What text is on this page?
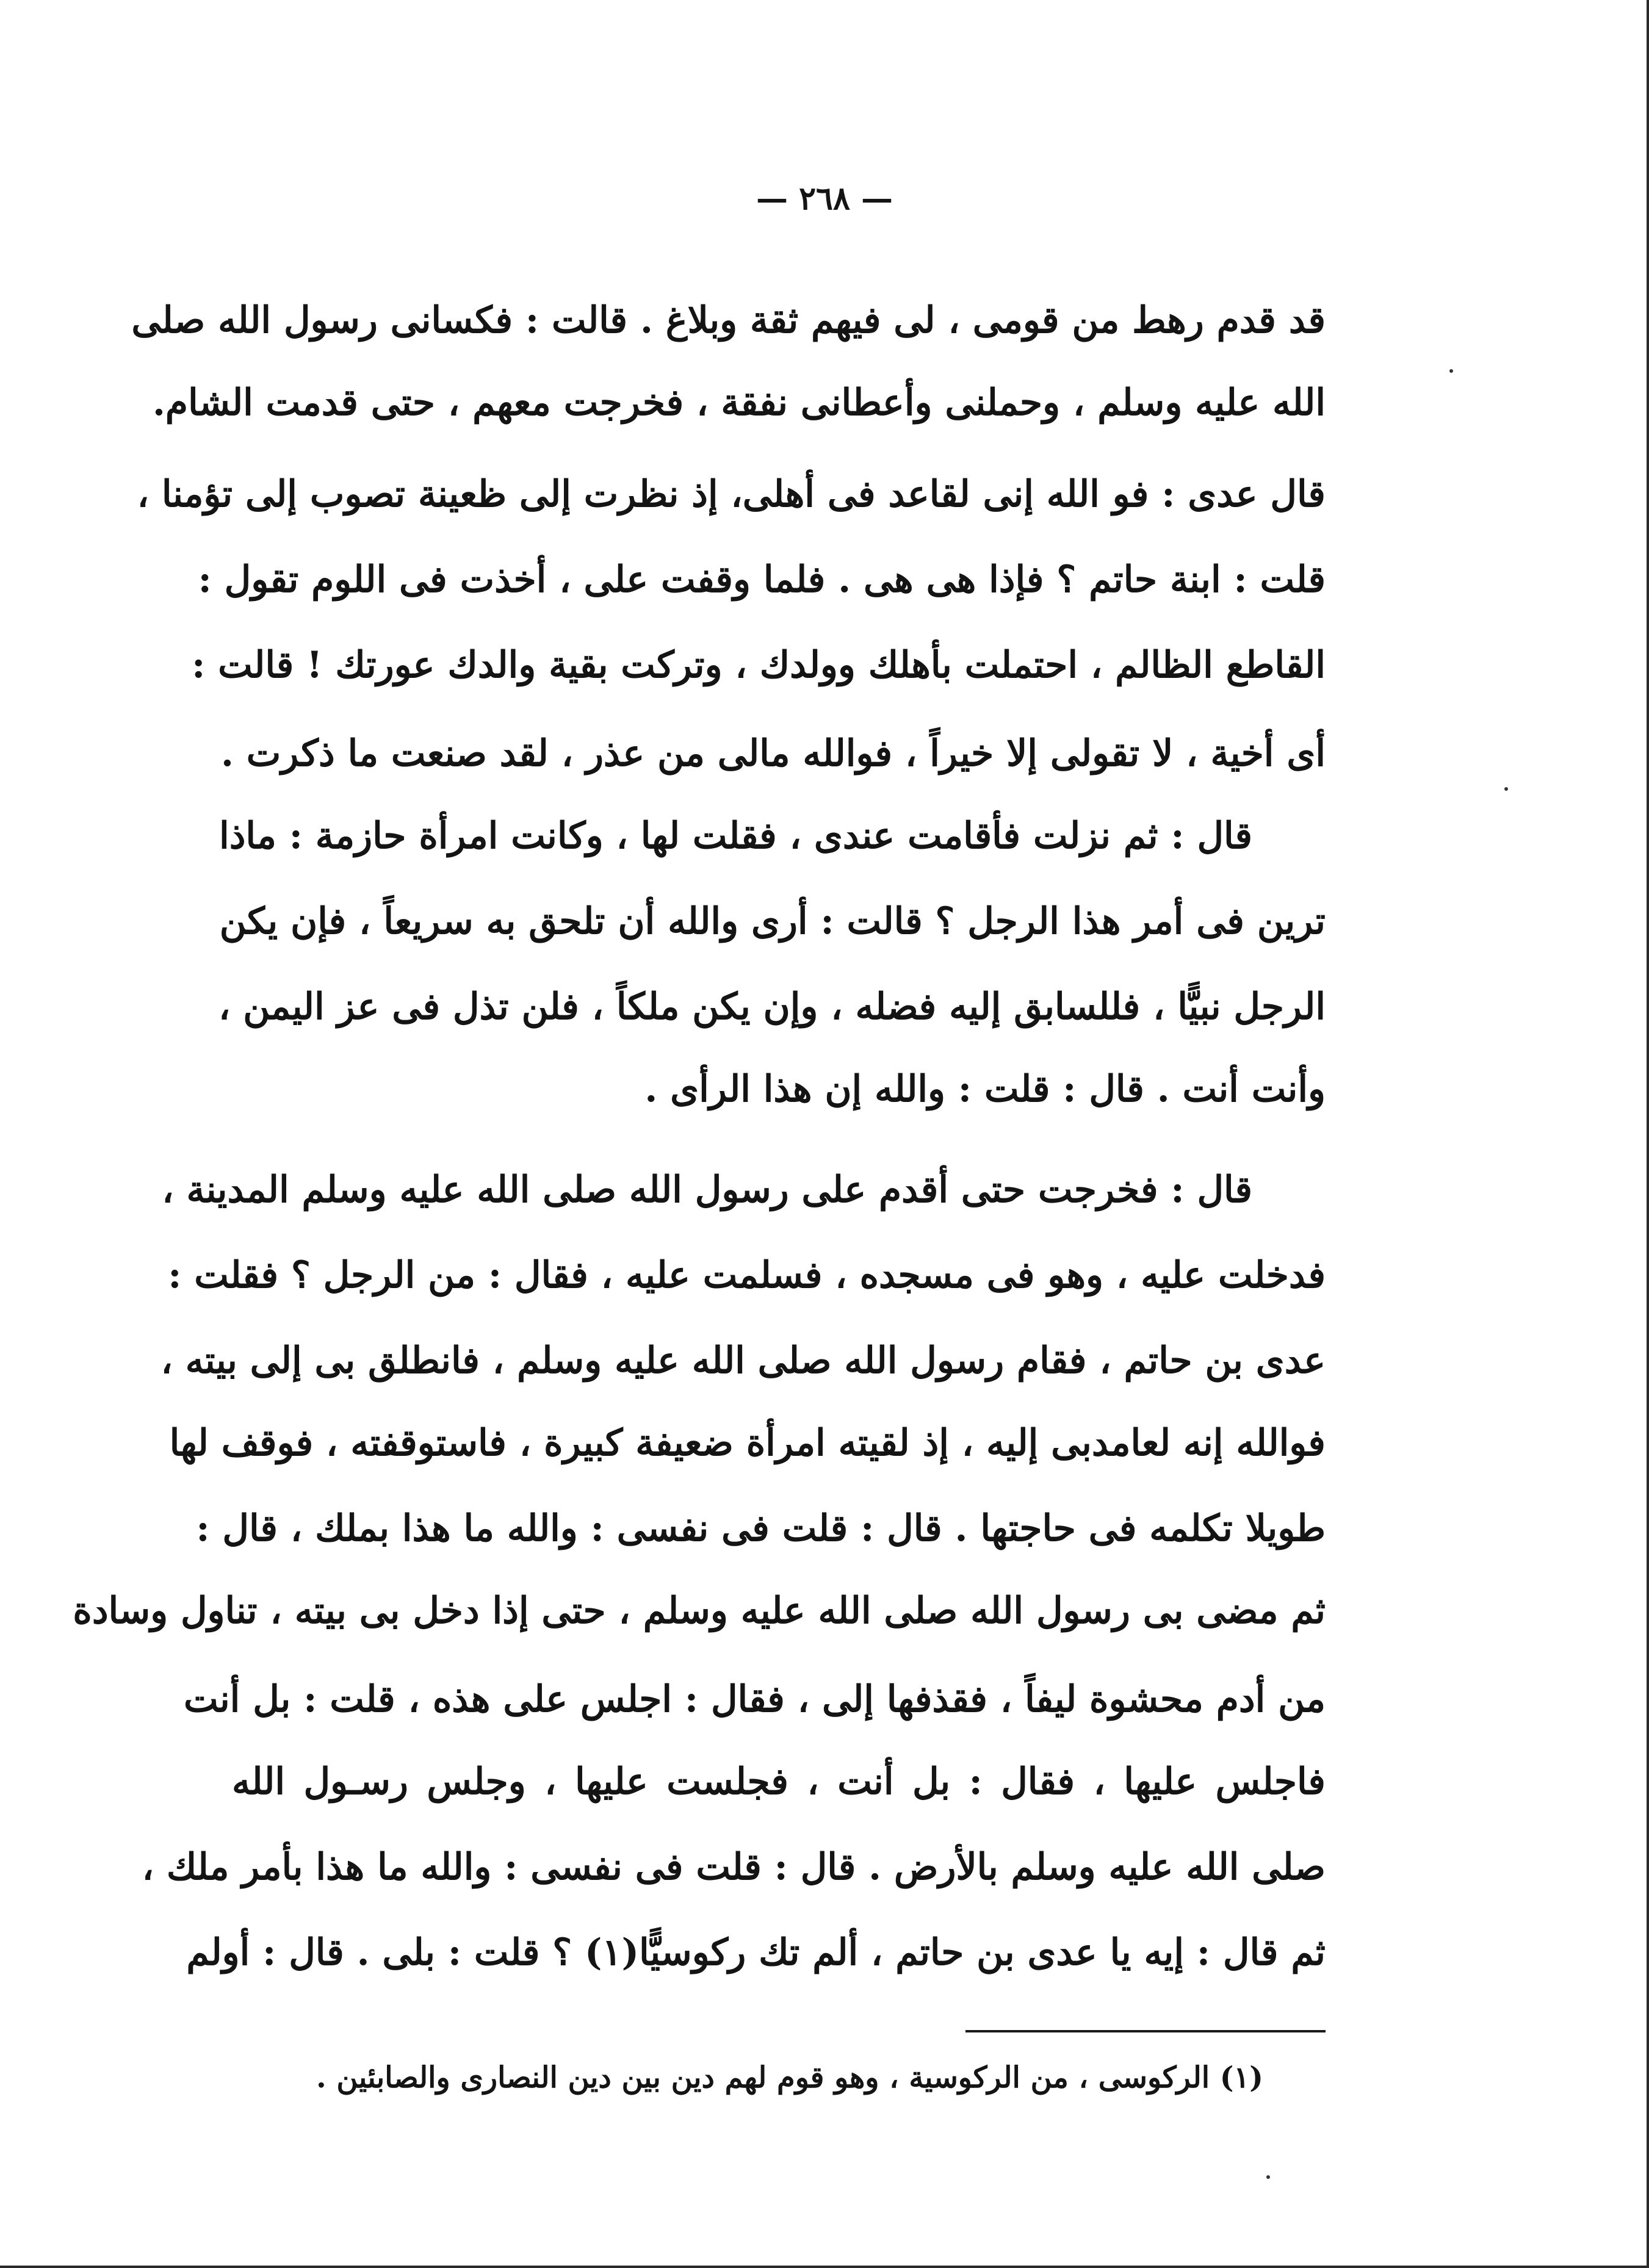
— ٢٦٨ —
قد قدم رهط من قومى ، لى فيهم ثقة وبلاغ . قالت : فكسانى رسول الله صلى
الله عليه وسلم ، وحملنى وأعطانى نفقة ، فخرجت معهم ، حتى قدمت الشام.
قال عدى : فو الله إنى لقاعد فى أهلى، إذ نظرت إلى ظعينة تصوب إلى تؤمنا ،
قلت : ابنة حاتم ؟ فإذا هى هى . فلما وقفت على ، أخذت فى اللوم تقول :
القاطع الظالم ، احتملت بأهلك وولدك ، وتركت بقية والدك عورتك ! قالت :
أى أخية ، لا تقولى إلا خيراً ، فوالله مالى من عذر ، لقد صنعت ما ذكرت .
قال : ثم نزلت فأقامت عندى ، فقلت لها ، وكانت امرأة حازمة : ماذا
ترين فى أمر هذا الرجل ؟ قالت : أرى والله أن تلحق به سريعاً ، فإن يكن
الرجل نبيًّا ، فللسابق إليه فضله ، وإن يكن ملكاً ، فلن تذل فى عز اليمن ،
وأنت أنت . قال : قلت : والله إن هذا الرأى .
قال : فخرجت حتى أقدم على رسول الله صلى الله عليه وسلم المدينة ،
فدخلت عليه ، وهو فى مسجده ، فسلمت عليه ، فقال : من الرجل ؟ فقلت :
عدى بن حاتم ، فقام رسول الله صلى الله عليه وسلم ، فانطلق بى إلى بيته ،
فوالله إنه لعامدبى إليه ، إذ لقيته امرأة ضعيفة كبيرة ، فاستوقفته ، فوقف لها
طويلا تكلمه فى حاجتها . قال : قلت فى نفسى : والله ما هذا بملك ، قال :
ثم مضى بى رسول الله صلى الله عليه وسلم ، حتى إذا دخل بى بيته ، تناول وسادة
من أدم محشوة ليفاً ، فقذفها إلى ، فقال : اجلس على هذه ، قلت : بل أنت
فاجلس عليها ، فقال : بل أنت ، فجلست عليها ، وجلس رسـول الله
صلى الله عليه وسلم بالأرض . قال : قلت فى نفسى : والله ما هذا بأمر ملك ،
ثم قال : إيه يا عدى بن حاتم ، ألم تك ركوسيًّا(١) ؟ قلت : بلى . قال : أولم
(١) الركوسى ، من الركوسية ، وهو قوم لهم دين بين دين النصارى والصابئين .
